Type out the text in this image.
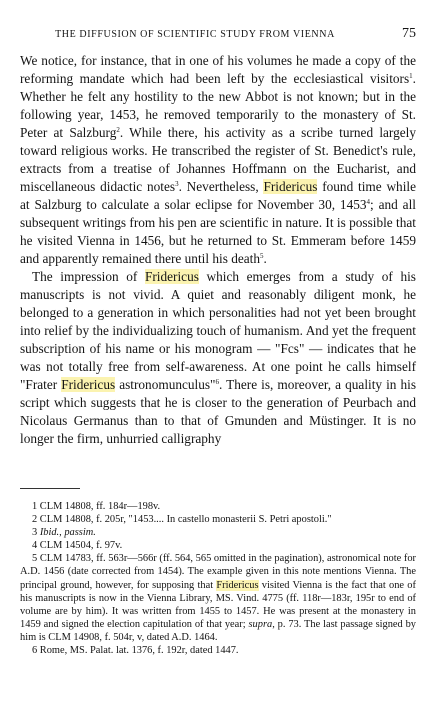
THE DIFFUSION OF SCIENTIFIC STUDY FROM VIENNA	75

We notice, for instance, that in one of his volumes he made a copy of the reforming mandate which had been left by the ecclesiastical visitors$^1$. Whether he felt any hostility to the new Abbot is not known; but in the following year, 1453, he removed temporarily to the monastery of St. Peter at Salzburg$^2$. While there, his activity as a scribe turned largely toward religious works. He transcribed the register of St. Benedict's rule, extracts from a treatise of Johannes Hoffmann on the Eucharist, and miscellaneous didactic notes$^3$. Nevertheless, Fridericus found time while at Salzburg to calculate a solar eclipse for November 30, 1453$^4$; and all subsequent writings from his pen are scientific in nature. It is possible that he visited Vienna in 1456, but he returned to St. Emmeram before 1459 and apparently remained there until his death$^5$.

The impression of Fridericus which emerges from a study of his manuscripts is not vivid. A quiet and reasonably diligent monk, he belonged to a generation in which personalities had not yet been brought into relief by the individualizing touch of humanism. And yet the frequent subscription of his name or his monogram — "Fcs" — indicates that he was not totally free from self-awareness. At one point he calls himself "Frater Fridericus astronomunculus"$^6$. There is, moreover, a quality in his script which suggests that he is closer to the generation of Peurbach and Nicolaus Germanus than to that of Gmunden and Müstinger. It is no longer the firm, unhurried calligraphy

1 CLM 14808, ff. 184r—198v.

2 CLM 14808, f. 205r, "1453.... In castello monasterii S. Petri apostoli."

3 Ibid., passim.

4 CLM 14504, f. 97v.

5 CLM 14783, ff. 563r—566r (ff. 564, 565 omitted in the pagination), astronomical note for A.D. 1456 (date corrected from 1454). The example given in this note mentions Vienna. The principal ground, however, for supposing that Fridericus visited Vienna is the fact that one of his manuscripts is now in the Vienna Library, MS. Vind. 4775 (ff. 118r—183r, 195r to end of volume are by him). It was written from 1455 to 1457. He was present at the monastery in 1459 and signed the election capitulation of that year; supra, p. 73. The last passage signed by him is CLM 14908, f. 504r, v, dated A.D. 1464.

6 Rome, MS. Palat. lat. 1376, f. 192r, dated 1447.
